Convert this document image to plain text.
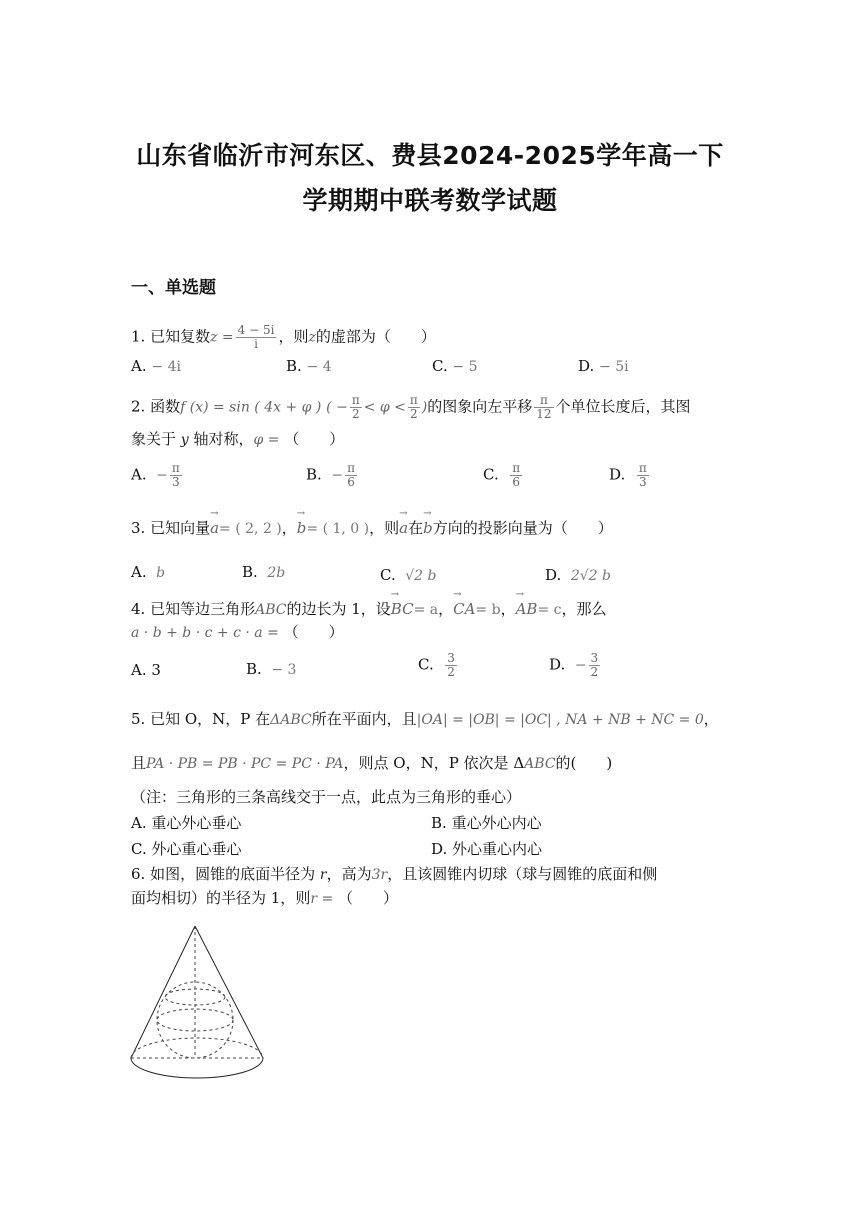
山东省临沂市河东区、费县2024-2025学年高一下
学期期中联考数学试题
一、单选题
1. 已知复数$z = \frac{4 - 5i}{i}$ ，则z的虚部为（　　）
A. − 4i	B. − 4	C. − 5	D. − 5i
2. 函数f (x) = sin ( 4x + φ ) ( − $\frac{\pi}{2} < \varphi < \frac{\pi}{2}$ )的图象向左平移 $\frac{\pi}{12}$ 个单位长度后，其图
象关于 y 轴对称，φ = （　　）
A. − $\frac{\pi}{3}$	B. − $\frac{\pi}{6}$	C. $\frac{\pi}{6}$	D. $\frac{\pi}{3}$
3. 已知向量→ a= ( 2, 2 )，→ b= ( 1, 0 )，则→ a在→ b方向的投影向量为（　　）
A. b	B. 2b	C. √2 b	D. 2√2 b
4. 已知等边三角形ABC的边长为 1，设→ BC= a，→ CA= b，→ AB= c，那么
a · b + b · c + c · a = （　　）
A. 3	B. − 3	C. $\frac{3}{2}$	D. − $\frac{3}{2}$
5. 已知 O，N，P 在ΔABC所在平面内，且|OA| = |OB| = |OC| , NA + NB + NC = 0，
且PA · PB = PB · PC = PC · PA，则点 O，N，P 依次是 ΔABC的(　　)
（注：三角形的三条高线交于一点，此点为三角形的垂心）
A. 重心外心垂心	B. 重心外心内心
C. 外心重心垂心	D. 外心重心内心
6. 如图，圆锥的底面半径为 r，高为3r，且该圆锥内切球（球与圆锥的底面和侧
面均相切）的半径为 1，则r = （　　）
